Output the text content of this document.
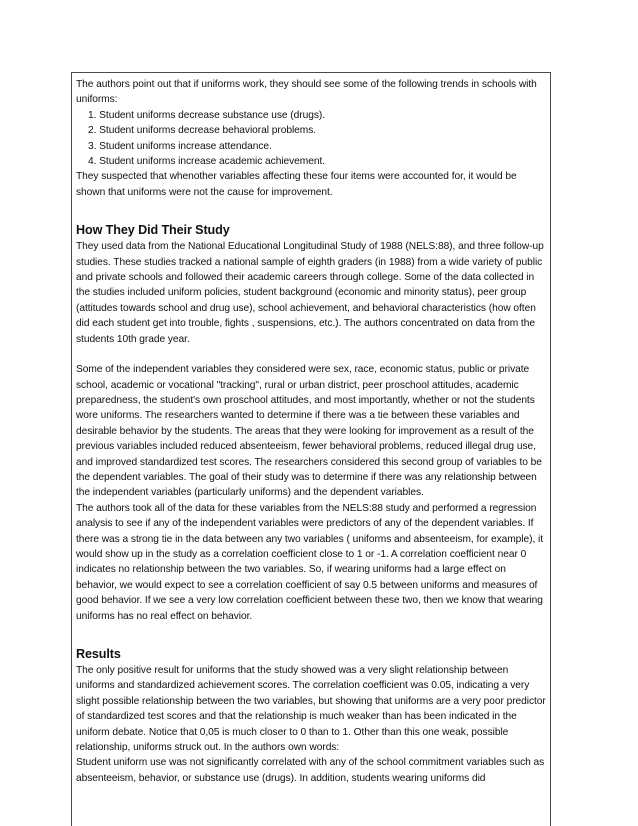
The authors point out that if uniforms work, they should see some of the following trends in schools with uniforms:

1. Student uniforms decrease substance use (drugs).
2. Student uniforms decrease behavioral problems.
3. Student uniforms increase attendance.
4. Student uniforms increase academic achievement.

They suspected that whenother variables affecting these four items were accounted for, it would be shown that uniforms were not the cause for improvement.

How They Did Their Study

They used data from the National Educational Longitudinal Study of 1988 (NELS:88), and three follow-up studies. These studies tracked a national sample of eighth graders (in 1988) from a wide variety of public and private schools and followed their academic careers through college. Some of the data collected in the studies included uniform policies, student background (economic and minority status), peer group (attitudes towards school and drug use), school achievement, and behavioral characteristics (how often did each student get into trouble, fights , suspensions, etc.). The authors concentrated on data from the students 10th grade year.

Some of the independent variables they considered were sex, race, economic status, public or private school, academic or vocational "tracking", rural or urban district, peer proschool attitudes, academic preparedness, the student's own proschool attitudes, and most importantly, whether or not the students wore uniforms. The researchers wanted to determine if there was a tie between these variables and desirable behavior by the students. The areas that they were looking for improvement as a result of the previous variables included reduced absenteeism, fewer behavioral problems, reduced illegal drug use, and improved standardized test scores. The researchers considered this second group of variables to be the dependent variables. The goal of their study was to determine if there was any relationship between the independent variables (particularly uniforms) and the dependent variables.

The authors took all of the data for these variables from the NELS:88 study and performed a regression analysis to see if any of the independent variables were predictors of any of the dependent variables. If there was a strong tie in the data between any two variables ( uniforms and absenteeism, for example), it would show up in the study as a correlation coefficient close to 1 or -1. A correlation coefficient near 0 indicates no relationship between the two variables. So, if wearing uniforms had a large effect on behavior, we would expect to see a correlation coefficient of say 0.5 between uniforms and measures of good behavior. If we see a very low correlation coefficient between these two, then we know that wearing uniforms has no real effect on behavior.

Results

The only positive result for uniforms that the study showed was a very slight relationship between uniforms and standardized achievement scores. The correlation coefficient was 0.05, indicating a very slight possible relationship between the two variables, but showing that uniforms are a very poor predictor of standardized test scores and that the relationship is much weaker than has been indicated in the uniform debate. Notice that 0,05 is much closer to 0 than to 1. Other than this one weak, possible relationship, uniforms struck out. In the authors own words:

Student uniform use was not significantly correlated with any of the school commitment variables such as absenteeism, behavior, or substance use (drugs). In addition, students wearing uniforms did
